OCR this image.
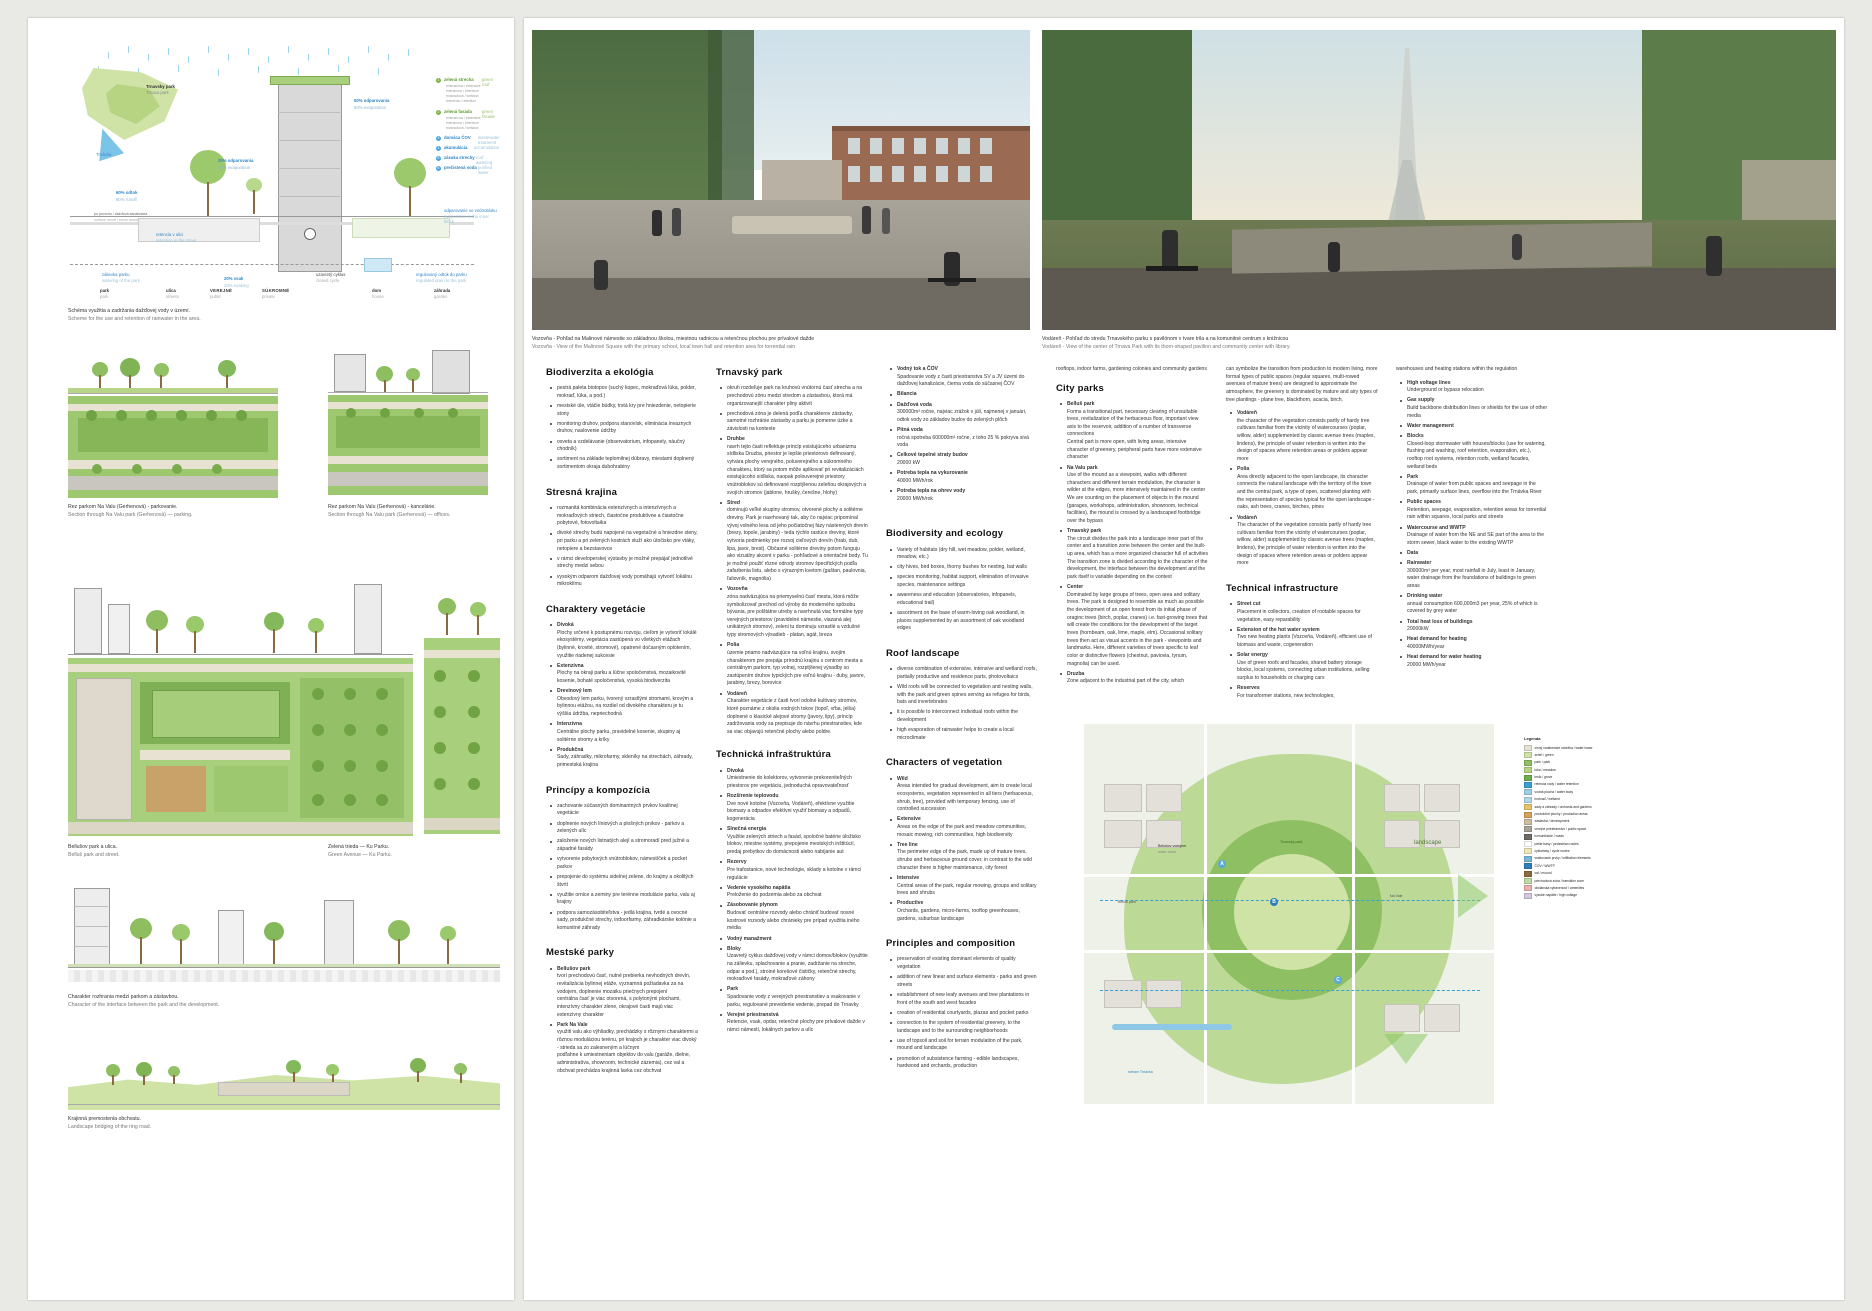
Trnavsky park
Trnava park
Trnávka
50% odparovania
50% evaporation
20% odparovania
20% evaporation
60% odtok
60% runoff
po povrchu / dažďová kanalizácia
surface runoff / storm sewer
retencia v ulici
retention in the street
20% vsak
20% soaking
odparovanie vo vnútrobloku
evaporation in the inner block
uzavretý cyklus
closed cycle
regulovaný odtok do parku
regulated drain to the park
zálievka parku
watering of the park
park
park
ulica
streets
dom
house
záhrada
garden
VEREJNÉ
public
SÚKROMNÉ
private
1	zelená strecha green roof
extenzívna / extensive
intenzívna / intensive
mokraďová / wetland
retenčná / retention
2	zelená fasáda green facade
extenzívna / extensive
intenzívna / intensive
mokraďová / wetland
3	domáca ČOV wastewater treatment
4	akumulácia accumulation
5	zásaka strechy roof watering
6	prečistená voda purified water
Schéma využitia a zadržania dažďovej vody v území.
Scheme for the use and retention of rainwater in the area.
Rez parkom Na Valu (Gerhenová) - parkovanie.
Section through Na Valu park (Gerhenová) — parking.
Rez parkom Na Valu (Gerhenová) - kancelárie.
Section through Na Valu park (Gerhenová) — offices.
Bellušov park a ulica.
Belluš park and street.
Zelená trieda — Ku Parku.
Green Avenue — Ku Parku.
Charakter rozhrania medzi parkom a zástavbou.
Character of the interface between the park and the development.
Krajinná premostenia obchvatu.
Landscape bridging of the ring road.
Vozovňa - Pohľad na Malinové námestie so základnou školou, miestnou radnicou a retenčnou plochou pre prívalové dažde
Vozovňa - View of the Malinové Square with the primary school, local town hall and retention area for torrential rain
Vodáreň - Pohľad do stredu Trnavského parku s pavilónom v tvare trila a na komunitné centrum s knižnicou
Vodáreň - View of the center of Trnava Park with its thorn-shaped pavilion and community center with library.
Biodiverzita a ekológia
pestrá paleta biotopov (suchý kopec, mokraďová lúka, polder, mokraď, lúka, a pod.)
mestské úle, vtáčie búdky, trstá kry pre hniezdenie, netopierie stony
monitoring druhov, podpora stanovísk, eliminácia invaznych druhov, naslovenie údržby
osveta a vzdelávanie (observatorium, infopanely, náučný chodník)
sortiment na základe teplomilnej dúbravy, miestami doplnený sortimentom okraja dubohrabiny
Stresná krajina
rozmanitá kombinácia extenzívnych a intenzívnych a mokraďových striech, čiastočne produktívne a čiastočne pobytové, fotovoltaika
divoké strechy budú napojené na vegetačné a hniezdne steny, pri parku a pri zelených kostrách služí ako útočisko pre vtáky, netopiere a bezstavovce
v rámci developerskej výstavby je možné prepájať jednotlivé strechy medzi sebou
vysokým odparom dažďovej vody pomáhajú vytvoriť lokálnu mikroklímu
Charaktery vegetácie
Divoká
Plochy určené k postupnému rozvoju, cieľom je vytvoriť lokálé ekosystémy, vegetácia zastúpená vo všetkých etážach (bylinné, krovité, stromové), opatrené dočasným oplotením, využitie riadenej sukcesie
Extenzívna
Plochy na okraji parku a lúčne spoločenstvá, mozaikovité kosenie, bohaté spoločenstvá, vysoká biodiverzita
Drevinový lem
Obvodový lem parku, tvorený vzrastlými stromami, krovým a bylinnou etážou, na rozdiel od divokého charakteru je tu výššia údržba, nepriechodná
Intenzívna
Centrálne plochy parku, pravidelné kosenie, skupiny aj solitérne stromy a kríky
Produkčná
Sady, záhradky, mikrofarmy, skleníky na strechách, záhrady, primestská krajina
Princípy a kompozícia
zachovanie súčasných dominantných prvkov kvalitnej vegetácie
doplnenie nových líniových a plošných prvkov - parkov a zelených ulíc
založenie nových listnatých alejí a stromoradí pred južné a západné fasády
vytvorenie pobytových vnútroblokov, námestíček a pocket parkov
prepojenie do systému sidelnej zelene, do krajiny a okolitých štvrtí
využitie ornice a zeminy pre terénne modulácie parku, valu aj krajiny
podpora samozásobiteľstva - jedlá krajina, tvrdé a ovocné sady, produkčné strechy, indoorfarmy, záhradkárske kolónie a komunitné záhrady
Mestské parky
Bellušov park
tvorí prechodovú časť, nutné prebierka nevhodných drevín, revitalizácia bylinnej etáže, vyznamná požiadavka za na vodojem, doplnenie mozaiku priečnych prepojení
centrálna časť je viac otvorená, s polytonými plochami, intenzívny charakter zlene, okrajové časti majú viac extenzívny charakter
Park Na Vale
využiti valu ako výhliadky, prechádzky s rôznymi charaktermi a rôznou moduláciou terénu, pri krajoch je charakter viac divoký - strieda sa zo zalesneným a lúčnym
podľahne k umiestneniam objektov do valu (garáže, dielne, administratíva, showroom, technické zázemia), cez val a obchvat prechádza krajinná lavka cez obchvat
Trnavský park
okruh rozdeľuje park na kruhovú vnútornú časť strecha a na prechodovú zónu medzi stredom a zástavbou, ktorá má organizovanejší charakter pliny aktivít
prechodová zóna je delená podľa charakterov zástavby, samotné rozhránie zástavby a parku je pomerne úzke a závislosti na kontexte
Druhbe
navrh tejto časti reflektuje princíp existujúceho urbanizmu sídliska Druzba, priestor je lepšie priestorovo definovaný, vytvára plochy verejného, poluverejného a súkromného charakteru, ktorý sa potom môže aplikovať pri revitalizáciách existujúcoho sídliska, naopak polouverejné priestory vnútroblokov sú definované rozptýlenou zeleňou okrajových a svojích stromov (jablone, hrušky, čerešne, hlohy)
Stred
dominujú veľké skupiny stromov, otvorené plochy a solitérne dreviny. Park je navrhovaný tak, aby čo najviac pripomínal vývoj volného lesa od jeho počiatočnej fázy nástenných drevín (brezy, topole, jarabiny) - teda rýchlo rastúce dreviny, ktoré vytvoria podmienky pre rozvoj cieľových drevín (hrab, dub, lipa, javor, brest). Občasné solitérne dreviny potom funguju ako vizuálny akcent v parku - pohľadové a orientačné body. Tu je možné použiť rôzne odrody stromov špecifických podľa zafarbenia listu, alebo s výrazným kvetom (gaštan, paulovnia, ľaliovník, magnólia)
Vozovňa
zóna nadväzujúca na priemyselnú časť mesta, ktorá môže symbolizovať prechod od výroby do moderného spôsobu bývania, pre polštátne utreby a navrhnutá viac formálne typy verejných priestorov (pravidelné námestie, viazaná alej unikátných stromov), zeleni tu dominuju vzrastlé a vzdušné typy stromových výsadieb - platan, agát, breza
Polia
územie priamo nadväzujúce na voľnú krajinu, svojím charakterom pre prepája prírodnú krajinu s centrom mesta a centrálnym parkom, typ volnej, rozptýlenej výsadby so zastúpením druhov typických pre voľnú krajinu - duby, javore, jarabiny, brezy, borovice
Vodáreň
Charakter vegetácie z časti tvorí odolné kultivary stromov, ktoré poznáme z okolia vodných tokov (topoľ, vŕba, jelša) doplnené o klasické alejové stromy (javory, lipy), princíp zadržovania vody sa prepisuje do návrhu priestranstiev, kde sa viac objavujú retenčné plochy alebo poldre.
Technická infraštruktúra
Divoká
Umiestnenie do kolektorov, vytvorenie prekoreniteľných priestorov pre vegetáciu, jednoduchá opravovateľnosť
Rozšírenie teplovodu
Dve nové kotolne (Vozovňa, Vodáreň), efektívne využitie biomasy a odpadov efektívni využiť biomasy a odpadů, kogenerácia
Slnečná energia
Využitie zelených striech a fasád, spoločné batérie úložisko blokov, miestne systémy, prepojenie mestských inštitúcií, predaj prebytkov do domácnosti alebo nabíjanie aut
Rezervy
Pre trafostanice, nové technológie, sklady a kotolne v rámci regulácie
Vedenie vysokého napätia
Preloženie do podzemia alebo za obchvat
Zásobovanie plynom
Budovať centrálne rozvody alebo chrániť budovať nosné kostrové rozvody alebo chránieky pre prípad využitia iného média
Vodný manažment
Bloky
Uzavretý cyklus dažďovej vody v rámci domov/blokov (využitie na zálievku, splachovanie a pranie, zadržanie na streche, odpar a pod.), stroiné korešové čističky, retenčné strechy, mokraďové fasády, mokraďové záhony
Park
Spadovanie vody z verejných priestranstiev a vsakovanie v parku, regulované prevedenie vedenie, prepad do Trnavky
Verejné priestranstvá
Retencie, vsak, opdar, retenčné plochy pre prívalové dažde v rámci námestí, lokálnych parkov a ulíc
Vodný tok a ČOV
Spadovanie vody z časti priestranstva SV a JV územi do dažďovej kanalizácie, čierna voda do súčasnej ČOV
Bilancia
Dažďová voda
300000m³ ročne, najviac zrážok v júli, najmenej v januári, odtok vody zo základov budov do zelených plôch
Pitná voda
ročná spotreba 600000m³ ročne, z toho 25 % pokryva sivá voda
Celkové tepelné straty budov
20000 kW
Potreba tepla na vykurovanie
40000 MWh/rok
Potreba tepla na ohrev vody
20000 MWh/rok
Biodiversity and ecology
Variety of habitats (dry hill, wet meadow, polder, wetland, meadow, etc.)
city hives, bird boxes, thorny bushes for nesting, bat walls
species monitoring, habitat support, elimination of invasive species, maintenance settings
awareness and education (observatories, infopanels, educational trail)
assortment on the base of warm-loving oak woodland, in places supplemented by an assortment of oak woodland edges
Roof landscape
diverse combination of extensive, intensive and wetland roofs, partially productive and residence parts, photovoltaics
Wild roofs will be connected to vegetation and nesting walls, with the park and green spines serving as refuges for birds, bats and invertebrates
it is possible to interconnect individual roofs within the development
high evaporation of rainwater helps to create a local microclimate
Characters of vegetation
Wild
Areas intended for gradual development, aim to create local ecosystems, vegetation represented in all tiers (herbaceous, shrub, tree), provided with temporary fencing, use of controlled succession
Extensive
Areas on the edge of the park and meadow communities, mosaic mowing, rich communities, high biodiversity
Tree line
The perimeter edge of the park, made up of mature trees, shrubs and herbaceous ground cover, in contrast to the wild character there is higher maintenance, city forest
Intensive
Central areas of the park, regular mowing, groups and solitary trees and shrubs
Productive
Orchards, gardens, micro-farms, rooftop greenhouses, gardens, suburban landscape
Principles and composition
preservation of existing dominant elements of quality vegetation
addition of new linear and surface elements - parks and green streets
establishment of new leafy avenues and tree plantations in front of the south and west facades
creation of residential courtyards, plazas and pocket parks
connection to the system of residential greenery, to the landscape and to the surrounding neighborhoods
use of topsoil and soil for terrain modulation of the park, mound and landscape
promotion of subsistence farming - edible landscapes, hardwood and orchards, production
rooftops, indoor farms, gardening colonies and community gardens
City parks
Belluš park
Forms a transitional part, necessary clearing of unsuitable trees, revitalization of the herbaceous floor, important view axis to the reservoir, addition of a number of transverse connections
Central part is more open, with living areas, intensive character of greenery, peripheral parts have more extensive character
Na Valu park
Use of the mound as a viewpoint, walks with different characters and different terrain modulation, the character is wilder at the edges, more intensively maintained in the center
We are counting on the placement of objects in the mound (garages, workshops, administration, showroom, technical facilities), the mound is crossed by a landscaped footbridge over the bypass
Trnavský park
The circuit divides the park into a landscape inner part of the center and a transition zone between the center and the built-up area, which has a more organized character full of activities
The transition zone is divided according to the character of the development, the interface between the development and the park itself is variable depending on the context
Center
Dominated by large groups of trees, open area and solitary trees. The park is designed to resemble as much as possible the development of an open forest from its initial phase of oraginc trees (birch, poplar, cranes) i.e. fast-growing trees that will create the conditions for the development of the target trees (hornbeam, oak, lime, maple, elm). Occasional solitary trees then act as visual accents in the park - viewpoints and landmarks. Here, different varieties of trees specific to leaf color or distinctive flowers (chestnut, paviovia, tynum, magnolia) can be used.
Druzba
Zone adjacent to the industrial part of the city, which
can symbolize the transition from production to modern living, more formal types of public spaces (regular squares, multi-rowed avenues of mature trees) are designed to approximate the atmosphere, the greenery is dominated by mature and airy types of tree plantings - plane tree, blackthorn, acacia, birch.
Vodáreň
the character of the vegetation consists partly of hardy tree cultivars familiar from the vicinity of watercourses (poplar, willow, alder) supplemented by classic avenue trees (maples, lindens), the principle of water retention is written into the design of spaces where retention areas or polders appear more
Polia
Area directly adjacent to the open landscape, its character connects the natural landscape with the territory of the town and the central park, a type of open, scattered planting with the representation of species typical for the open landscape - oaks, ash trees, cranes, birches, pines
Vodáreň
The character of the vegetation consists partly of hardy tree cultivars familiar from the vicinity of watercourses (poplar, willow, alder) supplemented by classic avenue trees (maples, lindens), the principle of water retention is written into the design of spaces where retention areas or polders appear more
Technical infrastructure
Street cut
Placement in collectors, creation of rootable spaces for vegetation, easy reparability
Extension of the hot water system
Two new heating plants (Vozovňa, Vodáreň), efficient use of biomass and waste, cogeneration
Solar energy
Use of green roofs and facades, shared battery storage blocks, local systems, connecting urban institutions, selling surplus to households or charging cars
Reserves
For transformer stations, new technologies,
warehouses and heating stations within the regulation
High voltage lines
Underground or bypass relocation
Gas supply
Build backbone distribution lines or shields for the use of other media
Water management
Blocks
Closed-loop stormwater with houses/blocks (use for watering, flushing and washing, roof retention, evaporation, etc.), rooftop root systems, retention roofs, wetland facades, wetland beds
Park
Drainage of water from public spaces and seepage in the park, primarily surface lines, overflow into the Trnávka River
Public spaces
Retention, seepage, evaporation, retention areas for torrential rain within squares, local parks and streets
Watercourse and WWTP
Drainage of water from the NE and SE part of the area to the storm sewer, black water to the existing WWTP
Data
Rainwater
300000m³ per year, most rainfall in July, least in January, water drainage from the foundations of buildings to green areas
Drinking water
annual consumption 600,000m3 per year, 25% of which is covered by grey water
Total heat loss of buildings
20000kW
Heat demand for heating
40000MWh/year
Heat demand for water heating
20000 MWh/year
B
A
C
Bellušov vodojem
water tower
Trnavský park
Belluš park
Na Vale
landscape
stream Trnávka
Legenda
vinný vodárenské nádržka / water tower
zeleň / green
park / park
lúka / meadow
lesík / grove
retencia vody / water retention
vodná plocha / water body
mokraď / wetland
sady a záhrady / orchards and gardens
produkčné plochy / production areas
zástavba / development
verejné priestranstvo / public space
komunikácie / roads
pešie trasy / pedestrian routes
cyklotrasy / cycle routes
vsakovacie prvky / infiltration elements
ČOV / WWTP
val / mound
prechodová zóna / transition zone
občianska vybavenosť / amenities
vysoké napätie / high voltage
